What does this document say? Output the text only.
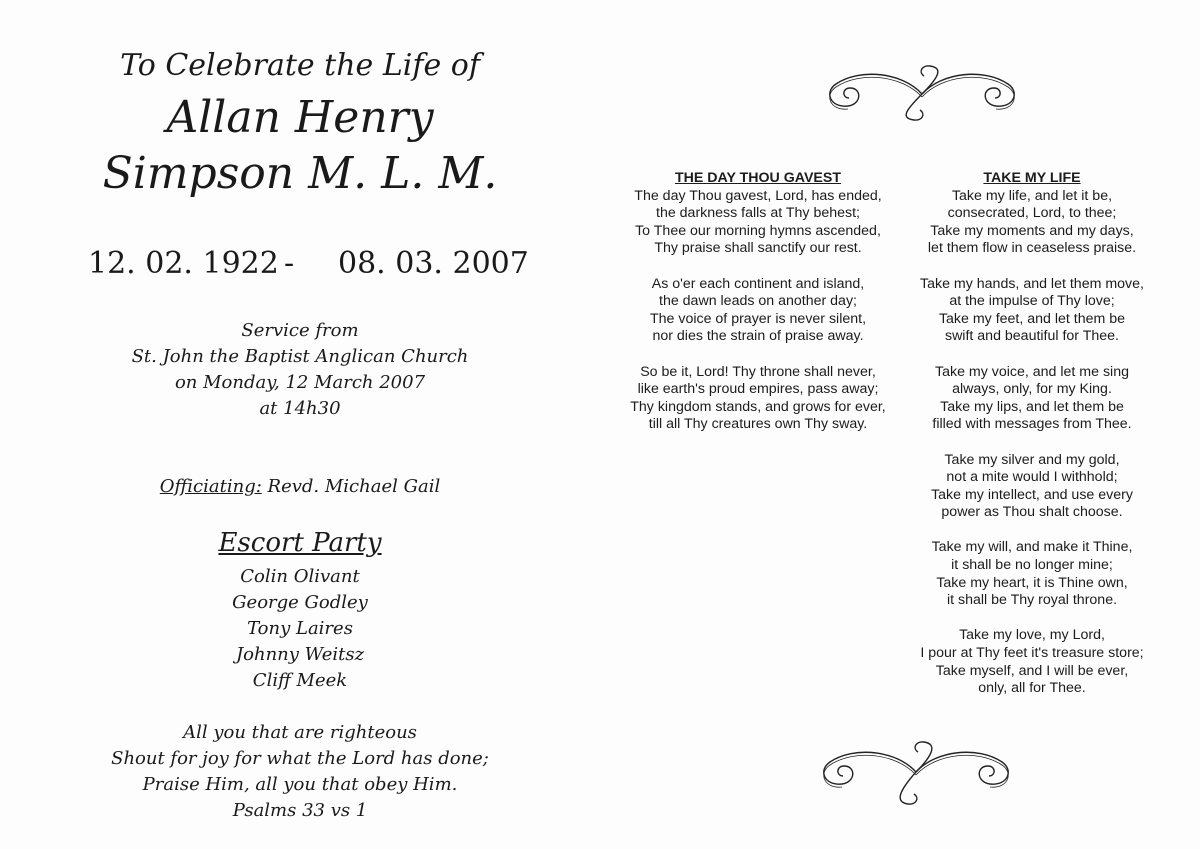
To Celebrate the Life of
Allan Henry
Simpson M. L. M.
12. 02. 1922 - 08. 03. 2007
Service from
St. John the Baptist Anglican Church
on Monday, 12 March 2007
at 14h30
Officiating: Revd. Michael Gail
Escort Party
Colin Olivant
George Godley
Tony Laires
Johnny Weitsz
Cliff Meek
All you that are righteous
Shout for joy for what the Lord has done;
Praise Him, all you that obey Him.
Psalms 33 vs 1
THE DAY THOU GAVEST
The day Thou gavest, Lord, has ended,
the darkness falls at Thy behest;
To Thee our morning hymns ascended,
Thy praise shall sanctify our rest.
As o'er each continent and island,
the dawn leads on another day;
The voice of prayer is never silent,
nor dies the strain of praise away.
So be it, Lord! Thy throne shall never,
like earth's proud empires, pass away;
Thy kingdom stands, and grows for ever,
till all Thy creatures own Thy sway.
TAKE MY LIFE
Take my life, and let it be,
consecrated, Lord, to thee;
Take my moments and my days,
let them flow in ceaseless praise.
Take my hands, and let them move,
at the impulse of Thy love;
Take my feet, and let them be
swift and beautiful for Thee.
Take my voice, and let me sing
always, only, for my King.
Take my lips, and let them be
filled with messages from Thee.
Take my silver and my gold,
not a mite would I withhold;
Take my intellect, and use every
power as Thou shalt choose.
Take my will, and make it Thine,
it shall be no longer mine;
Take my heart, it is Thine own,
it shall be Thy royal throne.
Take my love, my Lord,
I pour at Thy feet it's treasure store;
Take myself, and I will be ever,
only, all for Thee.
